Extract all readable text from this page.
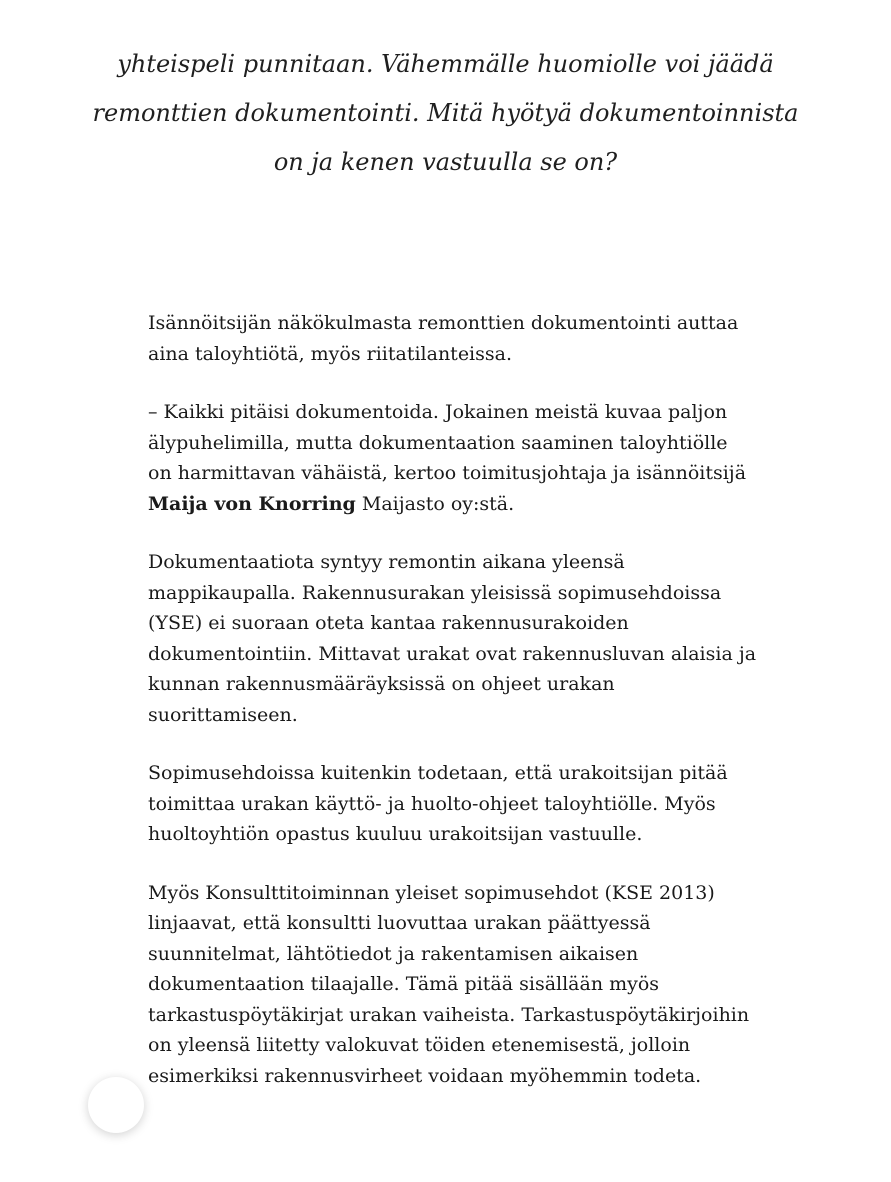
yhteispeli punnitaan. Vähemmälle huomiolle voi jäädä
remonttien dokumentointi. Mitä hyötyä dokumentoinnista
on ja kenen vastuulla se on?

Isännöitsijän näkökulmasta remonttien dokumentointi auttaa
aina taloyhtiötä, myös riitatilanteissa.

– Kaikki pitäisi dokumentoida. Jokainen meistä kuvaa paljon
älypuhelimilla, mutta dokumentaation saaminen taloyhtiölle
on harmittavan vähäistä, kertoo toimitusjohtaja ja isännöitsijä
Maija von Knorring Maijasto oy:stä.

Dokumentaatiota syntyy remontin aikana yleensä
mappikaupalla. Rakennusurakan yleisissä sopimusehdoissa
(YSE) ei suoraan oteta kantaa rakennusurakoiden
dokumentointiin. Mittavat urakat ovat rakennusluvan alaisia ja
kunnan rakennusmääräyksissä on ohjeet urakan
suorittamiseen.

Sopimusehdoissa kuitenkin todetaan, että urakoitsijan pitää
toimittaa urakan käyttö- ja huolto-ohjeet taloyhtiölle. Myös
huoltoyhtiön opastus kuuluu urakoitsijan vastuulle.

Myös Konsulttitoiminnan yleiset sopimusehdot (KSE 2013)
linjaavat, että konsultti luovuttaa urakan päättyessä
suunnitelmat, lähtötiedot ja rakentamisen aikaisen
dokumentaation tilaajalle. Tämä pitää sisällään myös
tarkastuspöytäkirjat urakan vaiheista. Tarkastuspöytäkirjoihin
on yleensä liitetty valokuvat töiden etenemisestä, jolloin
esimerkiksi rakennusvirheet voidaan myöhemmin todeta.
